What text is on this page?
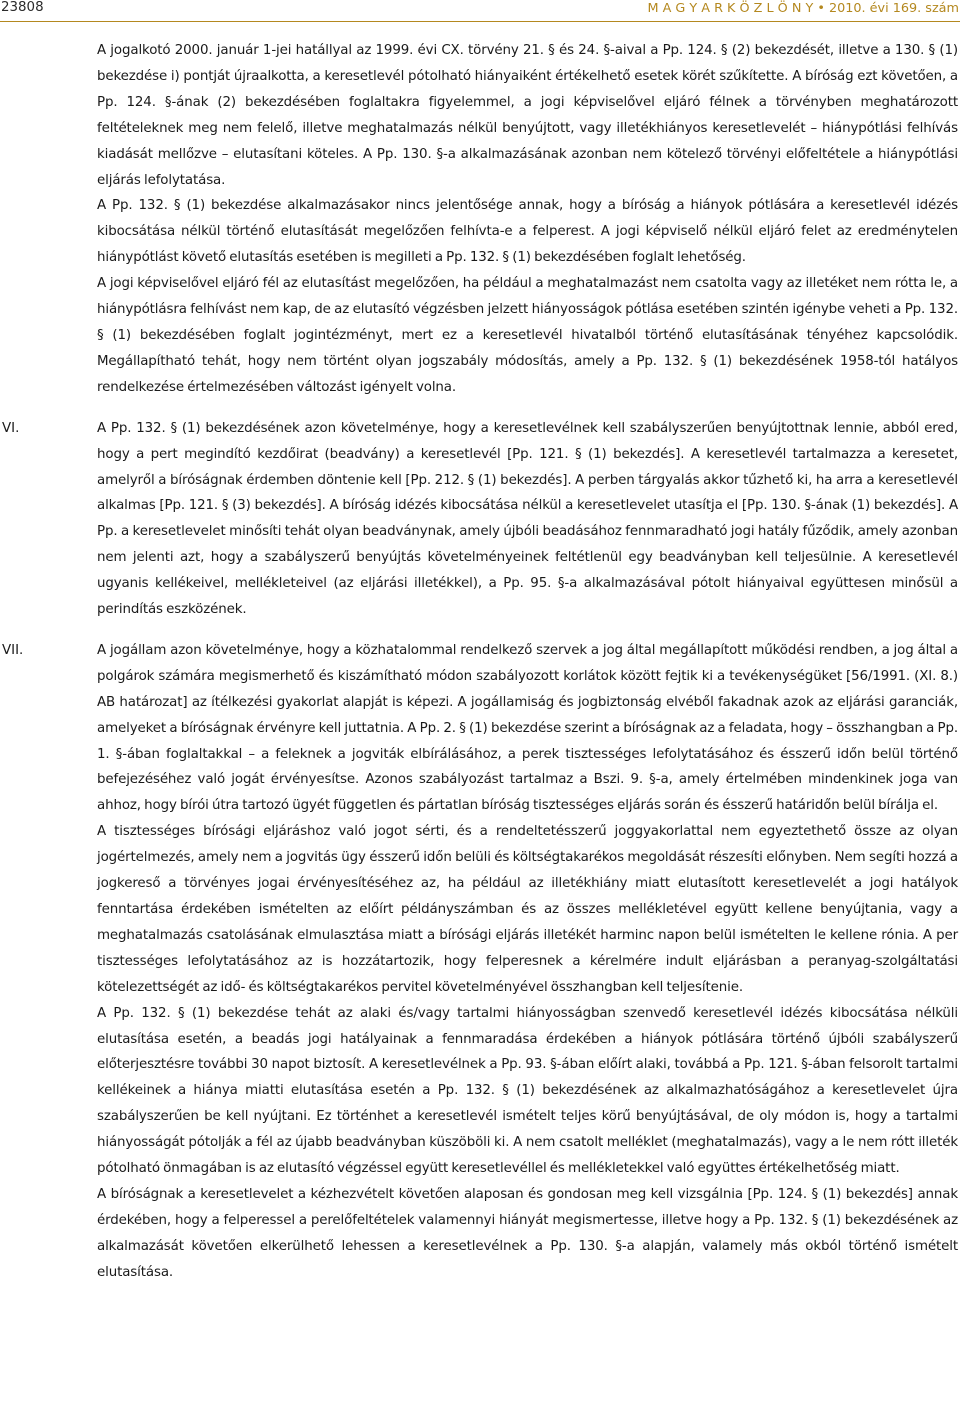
23808	M A G Y A R K Ö Z L Ö N Y • 2010. évi 169. szám

A jogalkotó 2000. január 1-jei hatállyal az 1999. évi CX. törvény 21. § és 24. §-aival a Pp. 124. § (2) bekezdését, illetve a 130. § (1) bekezdése i) pontját újraalkotta, a keresetlevél pótolható hiányaiként értékelhető esetek körét szűkítette. A bíróság ezt követően, a Pp. 124. §-ának (2) bekezdésében foglaltakra figyelemmel, a jogi képviselővel eljáró félnek a törvényben meghatározott feltételeknek meg nem felelő, illetve meghatalmazás nélkül benyújtott, vagy illetékhiányos keresetlevelét – hiánypótlási felhívás kiadását mellőzve – elutasítani köteles. A Pp. 130. §-a alkalmazásának azonban nem kötelező törvényi előfeltétele a hiánypótlási eljárás lefolytatása.

A Pp. 132. § (1) bekezdése alkalmazásakor nincs jelentősége annak, hogy a bíróság a hiányok pótlására a keresetlevél idézés kibocsátása nélkül történő elutasítását megelőzően felhívta-e a felperest. A jogi képviselő nélkül eljáró felet az eredménytelen hiánypótlást követő elutasítás esetében is megilleti a Pp. 132. § (1) bekezdésében foglalt lehetőség.

A jogi képviselővel eljáró fél az elutasítást megelőzően, ha például a meghatalmazást nem csatolta vagy az illetéket nem rótta le, a hiánypótlásra felhívást nem kap, de az elutasító végzésben jelzett hiányosságok pótlása esetében szintén igénybe veheti a Pp. 132. § (1) bekezdésében foglalt jogintézményt, mert ez a keresetlevél hivatalból történő elutasításának tényéhez kapcsolódik. Megállapítható tehát, hogy nem történt olyan jogszabály módosítás, amely a Pp. 132. § (1) bekezdésének 1958-tól hatályos rendelkezése értelmezésében változást igényelt volna.

VI.	A Pp. 132. § (1) bekezdésének azon követelménye, hogy a keresetlevélnek kell szabályszerűen benyújtottnak lennie, abból ered, hogy a pert megindító kezdőirat (beadvány) a keresetlevél [Pp. 121. § (1) bekezdés]. A keresetlevél tartalmazza a keresetet, amelyről a bíróságnak érdemben döntenie kell [Pp. 212. § (1) bekezdés]. A perben tárgyalás akkor tűzhető ki, ha arra a keresetlevél alkalmas [Pp. 121. § (3) bekezdés]. A bíróság idézés kibocsátása nélkül a keresetlevelet utasítja el [Pp. 130. §-ának (1) bekezdés]. A Pp. a keresetlevelet minősíti tehát olyan beadványnak, amely újbóli beadásához fennmaradható jogi hatály fűződik, amely azonban nem jelenti azt, hogy a szabályszerű benyújtás követelményeinek feltétlenül egy beadványban kell teljesülnie. A keresetlevél ugyanis kellékeivel, mellékleteivel (az eljárási illetékkel), a Pp. 95. §-a alkalmazásával pótolt hiányaival együttesen minősül a perindítás eszközének.

VII.	A jogállam azon követelménye, hogy a közhatalommal rendelkező szervek a jog által megállapított működési rendben, a jog által a polgárok számára megismerhető és kiszámítható módon szabályozott korlátok között fejtik ki a tevékenységüket [56/1991. (XI. 8.) AB határozat] az ítélkezési gyakorlat alapját is képezi. A jogállamiság és jogbiztonság elvéből fakadnak azok az eljárási garanciák, amelyeket a bíróságnak érvényre kell juttatnia. A Pp. 2. § (1) bekezdése szerint a bíróságnak az a feladata, hogy – összhangban a Pp. 1. §-ában foglaltakkal – a feleknek a jogviták elbírálásához, a perek tisztességes lefolytatásához és ésszerű időn belül történő befejezéséhez való jogát érvényesítse. Azonos szabályozást tartalmaz a Bszi. 9. §-a, amely értelmében mindenkinek joga van ahhoz, hogy bírói útra tartozó ügyét független és pártatlan bíróság tisztességes eljárás során és ésszerű határidőn belül bírálja el.

A tisztességes bírósági eljáráshoz való jogot sérti, és a rendeltetésszerű joggyakorlattal nem egyeztethető össze az olyan jogértelmezés, amely nem a jogvitás ügy ésszerű időn belüli és költségtakarékos megoldását részesíti előnyben. Nem segíti hozzá a jogkereső a törvényes jogai érvényesítéséhez az, ha például az illetékhiány miatt elutasított keresetlevelét a jogi hatályok fenntartása érdekében ismételten az előírt példányszámban és az összes mellékletével együtt kellene benyújtania, vagy a meghatalmazás csatolásának elmulasztása miatt a bírósági eljárás illetékét harminc napon belül ismételten le kellene rónia. A per tisztességes lefolytatásához az is hozzátartozik, hogy felperesnek a kérelmére indult eljárásban a peranyag-szolgáltatási kötelezettségét az idő- és költségtakarékos pervitel követelményével összhangban kell teljesítenie.

A Pp. 132. § (1) bekezdése tehát az alaki és/vagy tartalmi hiányosságban szenvedő keresetlevél idézés kibocsátása nélküli elutasítása esetén, a beadás jogi hatályainak a fennmaradása érdekében a hiányok pótlására történő újbóli szabályszerű előterjesztésre további 30 napot biztosít. A keresetlevélnek a Pp. 93. §-ában előírt alaki, továbbá a Pp. 121. §-ában felsorolt tartalmi kellékeinek a hiánya miatti elutasítása esetén a Pp. 132. § (1) bekezdésének az alkalmazhatóságához a keresetlevelet újra szabályszerűen be kell nyújtani. Ez történhet a keresetlevél ismételt teljes körű benyújtásával, de oly módon is, hogy a tartalmi hiányosságát pótolják a fél az újabb beadványban küszöböli ki. A nem csatolt melléklet (meghatalmazás), vagy a le nem rótt illeték pótolható önmagában is az elutasító végzéssel együtt keresetlevéllel és mellékletekkel való együttes értékelhetőség miatt.

A bíróságnak a keresetlevelet a kézhezvételt követően alaposan és gondosan meg kell vizsgálnia [Pp. 124. § (1) bekezdés] annak érdekében, hogy a felperessel a perelőfeltételek valamennyi hiányát megismertesse, illetve hogy a Pp. 132. § (1) bekezdésének az alkalmazását követően elkerülhető lehessen a keresetlevélnek a Pp. 130. §-a alapján, valamely más okból történő ismételt elutasítása.
